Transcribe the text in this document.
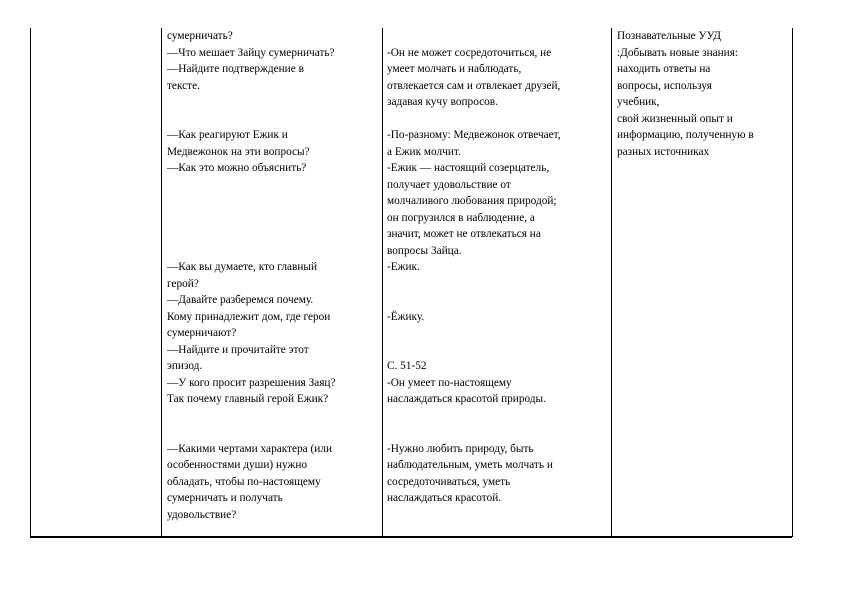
сумерничать?
—Что мешает Зайцу сумерничать?
—Найдите подтверждение в
тексте.
—Как реагируют Ежик и
Медвежонок на эти вопросы?
—Как это можно объяснить?
—Как вы думаете, кто главный
герой?
—Давайте разберемся почему.
Кому принадлежит дом, где герои
сумерничают?
—Найдите и прочитайте этот
эпизод.
—У кого просит разрешения Заяц?
Так почему главный герой Ежик?
—Какими чертами характера (или
особенностями души) нужно
обладать, чтобы по-настоящему
сумерничать и получать
удовольствие?
-Он не может сосредоточиться, не
умеет молчать и наблюдать,
отвлекается сам и отвлекает друзей,
задавая кучу вопросов.
-По-разному: Медвежонок отвечает,
а Ежик молчит.
-Ежик — настоящий созерцатель,
получает удовольствие от
молчаливого любования природой;
он погрузился в наблюдение, а
значит, может не отвлекаться на
вопросы Зайца.
-Ежик.
-Ёжику.
С. 51-52
-Он умеет по-настоящему
наслаждаться красотой природы.
-Нужно любить природу, быть
наблюдательным, уметь молчать и
сосредоточиваться, уметь
наслаждаться красотой.
Познавательные УУД
:Добывать новые знания:
находить ответы на
вопросы, используя
учебник,
свой жизненный опыт и
информацию, полученную в
разных источниках
